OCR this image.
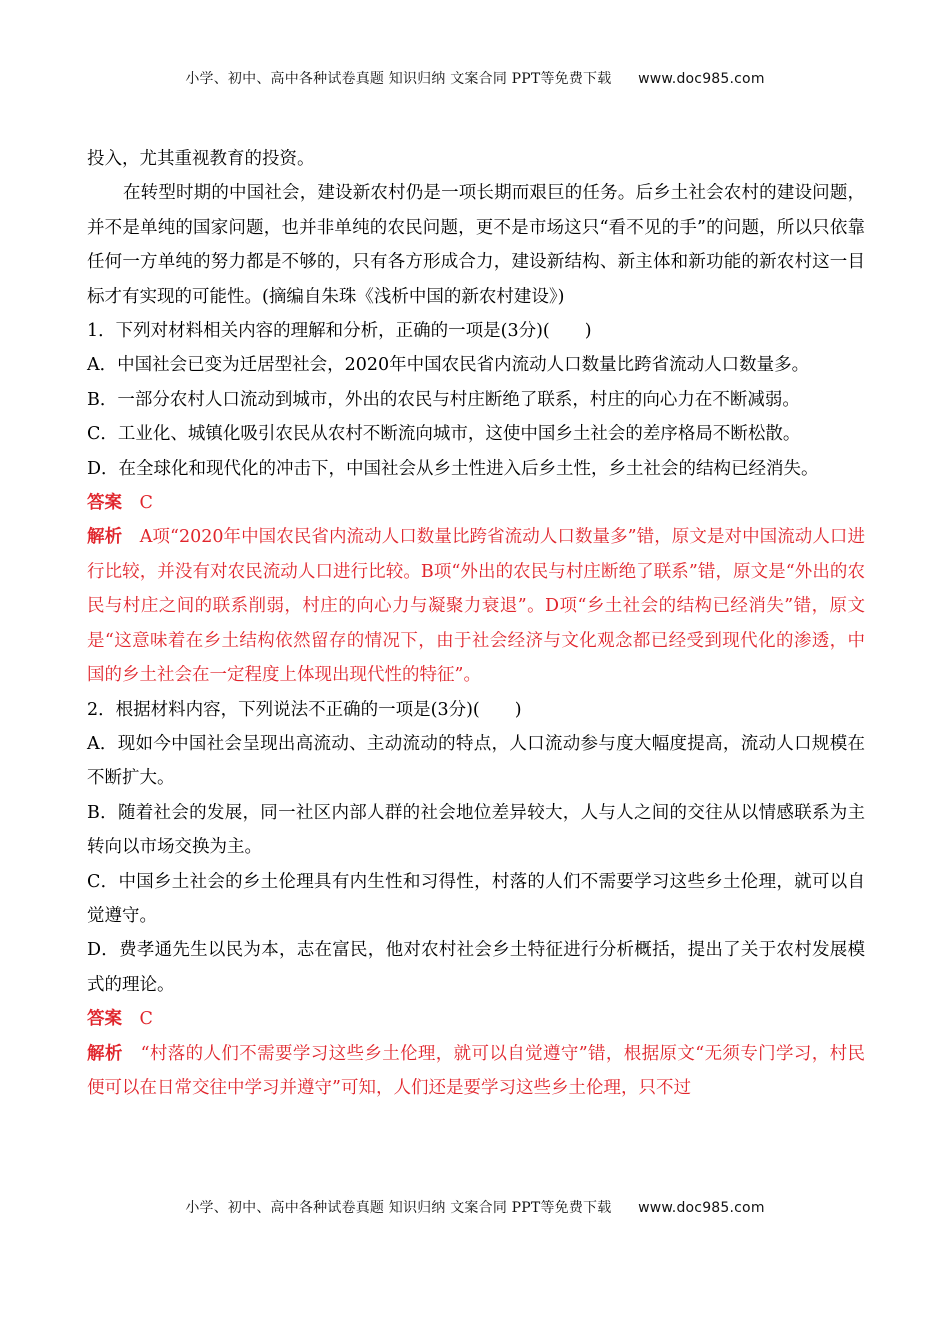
小学、初中、高中各种试卷真题 知识归纳 文案合同 PPT等免费下载 www.doc985.com

投入，尤其重视教育的投资。

在转型时期的中国社会，建设新农村仍是一项长期而艰巨的任务。后乡土社会农村的建设问题，并不是单纯的国家问题，也并非单纯的农民问题，更不是市场这只“看不见的手”的问题，所以只依靠任何一方单纯的努力都是不够的，只有各方形成合力，建设新结构、新主体和新功能的新农村这一目标才有实现的可能性。(摘编自朱珠《浅析中国的新农村建设》)

1．下列对材料相关内容的理解和分析，正确的一项是(3分)(　　)

A．中国社会已变为迁居型社会，2020年中国农民省内流动人口数量比跨省流动人口数量多。

B．一部分农村人口流动到城市，外出的农民与村庄断绝了联系，村庄的向心力在不断减弱。

C．工业化、城镇化吸引农民从农村不断流向城市，这使中国乡土社会的差序格局不断松散。

D．在全球化和现代化的冲击下，中国社会从乡土性进入后乡土性，乡土社会的结构已经消失。

答案　 C

解析　 A项“2020年中国农民省内流动人口数量比跨省流动人口数量多”错，原文是对中国流动人口进行比较，并没有对农民流动人口进行比较。B项“外出的农民与村庄断绝了联系”错，原文是“外出的农民与村庄之间的联系削弱，村庄的向心力与凝聚力衰退”。D项“乡土社会的结构已经消失”错，原文是“这意味着在乡土结构依然留存的情况下，由于社会经济与文化观念都已经受到现代化的渗透，中国的乡土社会在一定程度上体现出现代性的特征”。

2．根据材料内容，下列说法不正确的一项是(3分)(　　)

A．现如今中国社会呈现出高流动、主动流动的特点，人口流动参与度大幅度提高，流动人口规模在不断扩大。

B．随着社会的发展，同一社区内部人群的社会地位差异较大，人与人之间的交往从以情感联系为主转向以市场交换为主。

C．中国乡土社会的乡土伦理具有内生性和习得性，村落的人们不需要学习这些乡土伦理，就可以自觉遵守。

D．费孝通先生以民为本，志在富民，他对农村社会乡土特征进行分析概括，提出了关于农村发展模式的理论。

答案　 C

解析　 “村落的人们不需要学习这些乡土伦理，就可以自觉遵守”错，根据原文“无须专门学习，村民便可以在日常交往中学习并遵守”可知，人们还是要学习这些乡土伦理，只不过

小学、初中、高中各种试卷真题 知识归纳 文案合同 PPT等免费下载 www.doc985.com
